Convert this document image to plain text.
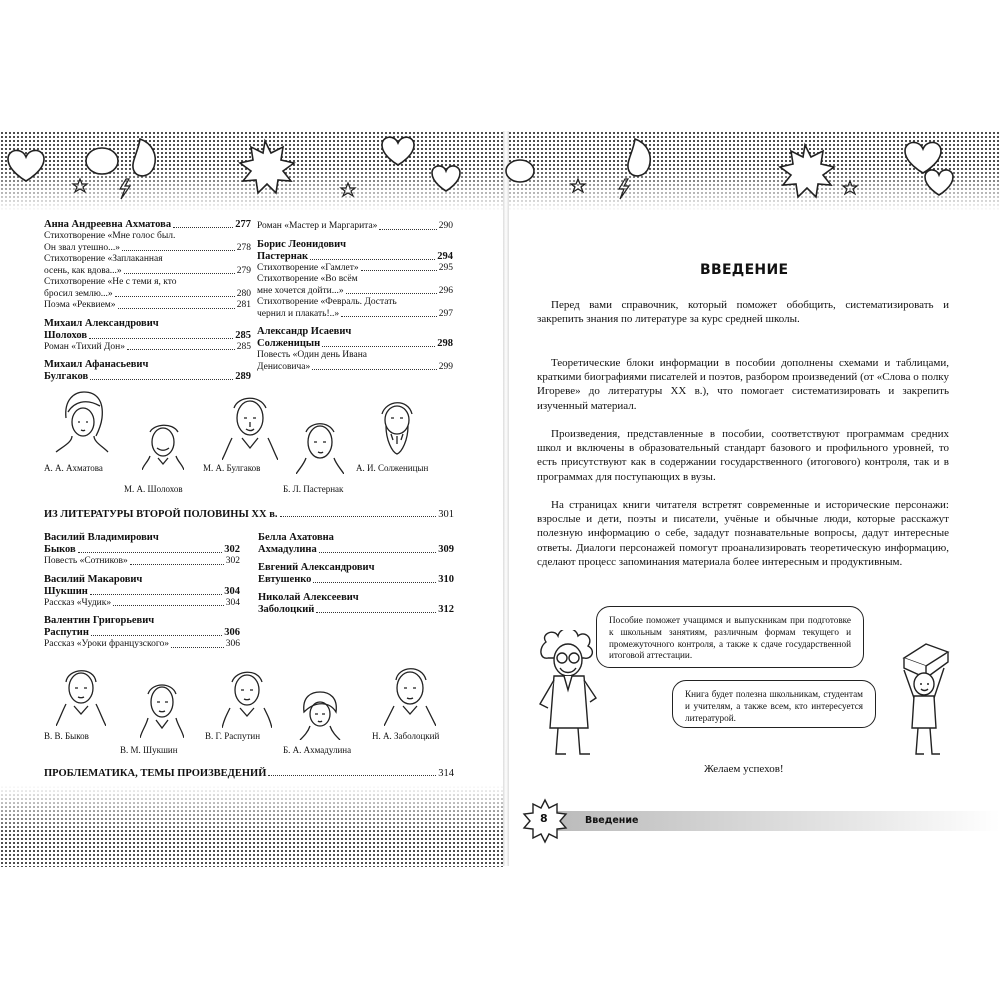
Анна Андреевна Ахматова	277
Стихотворение «Мне голос был.
Он звал утешно...»	278
Стихотворение «Заплаканная
осень, как вдова...»	279
Стихотворение «Не с теми я, кто
бросил землю...»	280
Поэма «Реквием»	281
Михаил Александрович
Шолохов	285
Роман «Тихий Дон»	285
Михаил Афанасьевич
Булгаков	289
Роман «Мастер и Маргарита»	290
Борис Леонидович
Пастернак	294
Стихотворение «Гамлет»	295
Стихотворение «Во всём
мне хочется дойти...»	296
Стихотворение «Февраль. Достать
чернил и плакать!..»	297
Александр Исаевич
Солженицын	298
Повесть «Один день Ивана
Денисовича»	299
А. А. Ахматова
М. А. Шолохов
М. А. Булгаков
Б. Л. Пастернак
А. И. Солженицын
ИЗ ЛИТЕРАТУРЫ ВТОРОЙ ПОЛОВИНЫ XX в.	301
Василий Владимирович
Быков	302
Повесть «Сотников»	302
Василий Макарович
Шукшин	304
Рассказ «Чудик»	304
Валентин Григорьевич
Распутин	306
Рассказ «Уроки французского»	306
Белла Ахатовна
Ахмадулина	309
Евгений Александрович
Евтушенко	310
Николай Алексеевич
Заболоцкий	312
В. В. Быков
В. М. Шукшин
В. Г. Распутин
Б. А. Ахмадулина
Н. А. Заболоцкий
ПРОБЛЕМАТИКА, ТЕМЫ ПРОИЗВЕДЕНИЙ	314
ВВЕДЕНИЕ
Перед вами справочник, который поможет обобщить, систематизировать и закрепить знания по литературе за курс средней школы.
Теоретические блоки информации в пособии дополнены схемами и таблицами, краткими биографиями писателей и поэтов, разбором произведений (от «Слова о полку Игореве» до литературы XX в.), что помогает систематизировать и закрепить изученный материал.
Произведения, представленные в пособии, соответствуют программам средних школ и включены в образовательный стандарт базового и профильного уровней, то есть присутствуют как в содержании государственного (итогового) контроля, так и в программах для поступающих в вузы.
На страницах книги читателя встретят современные и исторические персонажи: взрослые и дети, поэты и писатели, учёные и обычные люди, которые расскажут полезную информацию о себе, зададут познавательные вопросы, дадут интересные ответы. Диалоги персонажей помогут проанализировать теоретическую информацию, сделают процесс запоминания материала более интересным и продуктивным.
Пособие поможет учащимся и выпускникам при подготовке к школьным занятиям, различным формам текущего и промежуточного контроля, а также к сдаче государственной итоговой аттестации.
Книга будет полезна школьникам, студентам и учителям, а также всем, кто интересуется литературой.
Желаем успехов!
8	Введение
